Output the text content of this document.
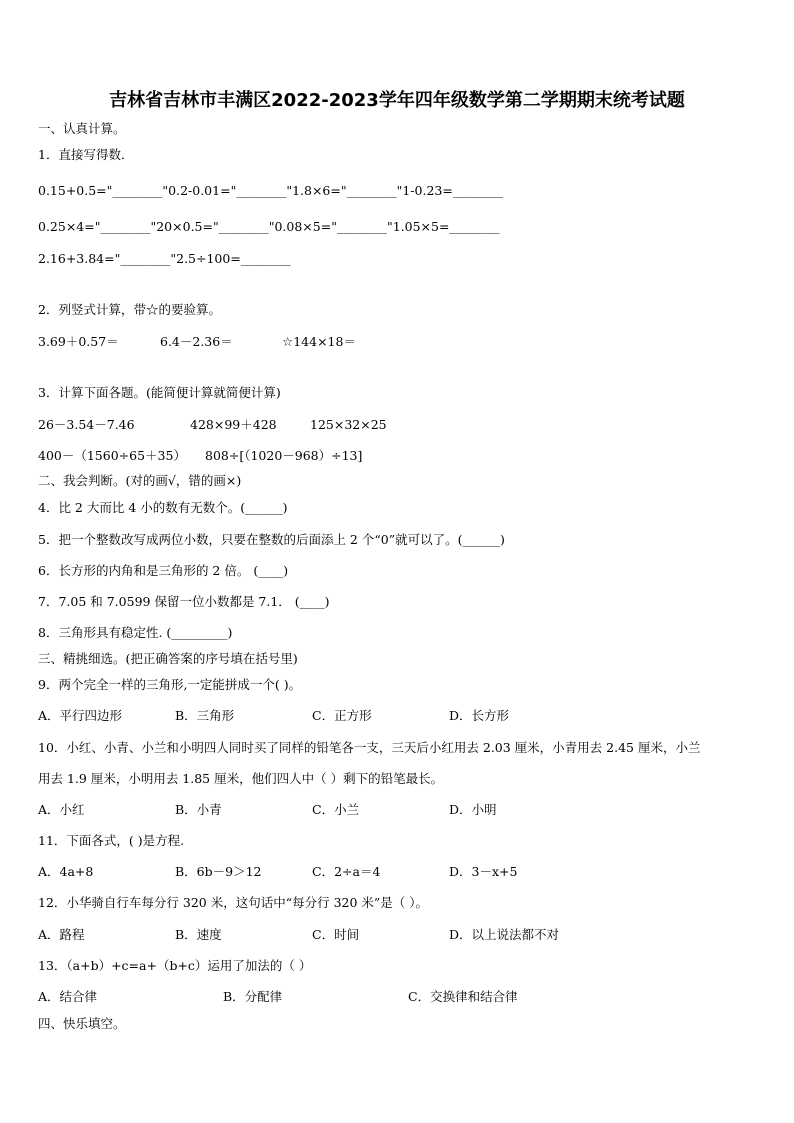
吉林省吉林市丰满区2022-2023学年四年级数学第二学期期末统考试题
一、认真计算。
1．直接写得数．
0.15+0.5="________"0.2-0.01="________"1.8×6="________"1-0.23=________
0.25×4="________"20×0.5="________"0.08×5="________"1.05×5=________
2.16+3.84="________"2.5÷100=________
2．列竖式计算，带☆的要验算。
3.69＋0.57＝	6.4－2.36＝	☆144×18＝
3．计算下面各题。(能简便计算就简便计算)
26－3.54－7.46	428×99＋428	125×32×25
400－（1560÷65＋35） 808÷[（1020－968）÷13]
二、我会判断。(对的画√，错的画×)
4．比 2 大而比 4 小的数有无数个。(______)
5．把一个整数改写成两位小数，只要在整数的后面添上 2 个“0”就可以了。(______)
6．长方形的内角和是三角形的 2 倍。 (____)
7．7.05 和 7.0599 保留一位小数都是 7.1． (____)
8．三角形具有稳定性. (_________)
三、精挑细选。(把正确答案的序号填在括号里)
9．两个完全一样的三角形,一定能拼成一个( )。
A．平行四边形	B．三角形	C．正方形	D．长方形
10．小红、小青、小兰和小明四人同时买了同样的铅笔各一支，三天后小红用去 2.03 厘米，小青用去 2.45 厘米，小兰
用去 1.9 厘米，小明用去 1.85 厘米，他们四人中（ ）剩下的铅笔最长。
A．小红	B．小青	C．小兰	D．小明
11．下面各式，( )是方程.
A．4a+8	B．6b－9＞12	C．2÷a＝4	D．3－x+5
12．小华骑自行车每分行 320 米，这句话中“每分行 320 米”是（ ）。
A．路程	B．速度	C．时间	D．以上说法都不对
13．（a+b）+c=a+（b+c）运用了加法的（ ）
A．结合律	B．分配律	C．交换律和结合律
四、快乐填空。
